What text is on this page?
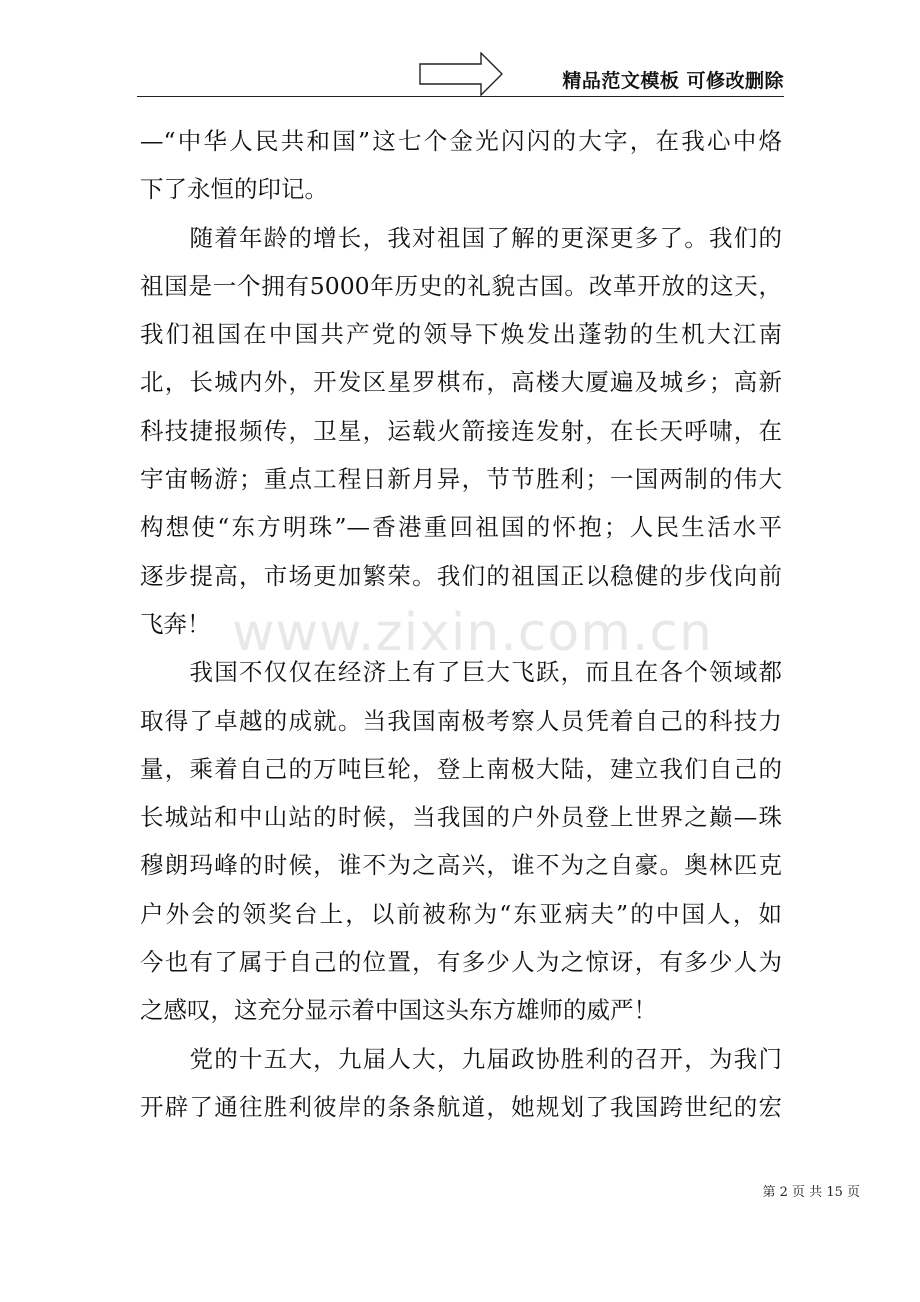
精品范文模板 可修改删除
www.zixin.com.cn
—“中华人民共和国”这七个金光闪闪的大字，在我心中烙
下了永恒的印记。
　　随着年龄的增长，我对祖国了解的更深更多了。我们的
祖国是一个拥有5000年历史的礼貌古国。改革开放的这天，
我们祖国在中国共产党的领导下焕发出蓬勃的生机大江南
北，长城内外，开发区星罗棋布，高楼大厦遍及城乡；高新
科技捷报频传，卫星，运载火箭接连发射，在长天呼啸，在
宇宙畅游；重点工程日新月异，节节胜利；一国两制的伟大
构想使“东方明珠”—香港重回祖国的怀抱；人民生活水平
逐步提高，市场更加繁荣。我们的祖国正以稳健的步伐向前
飞奔！
　　我国不仅仅在经济上有了巨大飞跃，而且在各个领域都
取得了卓越的成就。当我国南极考察人员凭着自己的科技力
量，乘着自己的万吨巨轮，登上南极大陆，建立我们自己的
长城站和中山站的时候，当我国的户外员登上世界之巅—珠
穆朗玛峰的时候，谁不为之高兴，谁不为之自豪。奥林匹克
户外会的领奖台上，以前被称为“东亚病夫”的中国人，如
今也有了属于自己的位置，有多少人为之惊讶，有多少人为
之感叹，这充分显示着中国这头东方雄师的威严！
　　党的十五大，九届人大，九届政协胜利的召开，为我门
开辟了通往胜利彼岸的条条航道，她规划了我国跨世纪的宏
第 2 页 共 15 页
